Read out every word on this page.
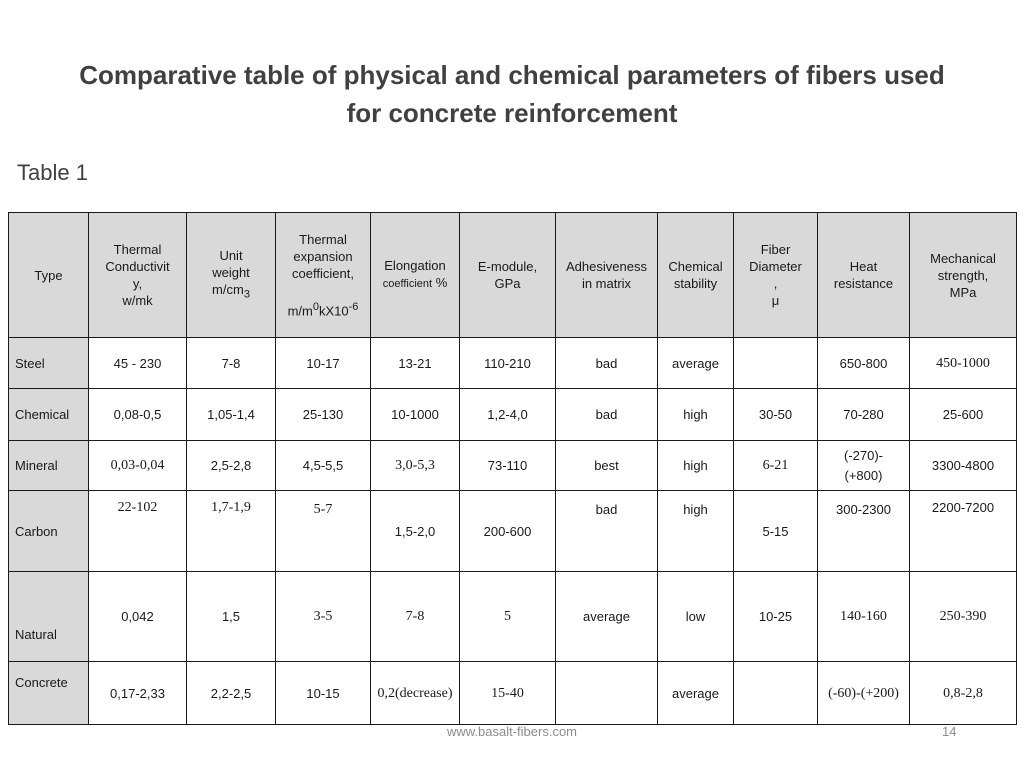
Comparative table of physical and chemical parameters of fibers used for concrete reinforcement
Table 1
Type	Thermal
Conductivit
y,
w/mk	Unit
weight
$m/cm_3$	Thermal
expansion
coefficient,

$m/m^0kX10^{-6}$	Elongation
coefficient %	E-module,
GPa	Adhesiveness
in matrix	Chemical
stability	Fiber
Diameter
,
μ	Heat
resistance	Mechanical
strength,
MPa
Steel	45 - 230	7-8	10-17	13-21	110-210	bad	average		650-800	450-1000
Chemical	0,08-0,5	1,05-1,4	25-130	10-1000	1,2-4,0	bad	high	30-50	70-280	25-600
Mineral	0,03-0,04	2,5-2,8	4,5-5,5	3,0-5,3	73-110	best	high	6-21	(-270)-
(+800)	3300-4800
Carbon	22-102	1,7-1,9	5-7	1,5-2,0	200-600	bad	high	5-15	300-2300	2200-7200
Natural	0,042	1,5	3-5	7-8	5	average	low	10-25	140-160	250-390
Concrete	0,17-2,33	2,2-2,5	10-15	0,2(decrease)	15-40		average		(-60)-(+200)	0,8-2,8
www.basalt-fibers.com	14
